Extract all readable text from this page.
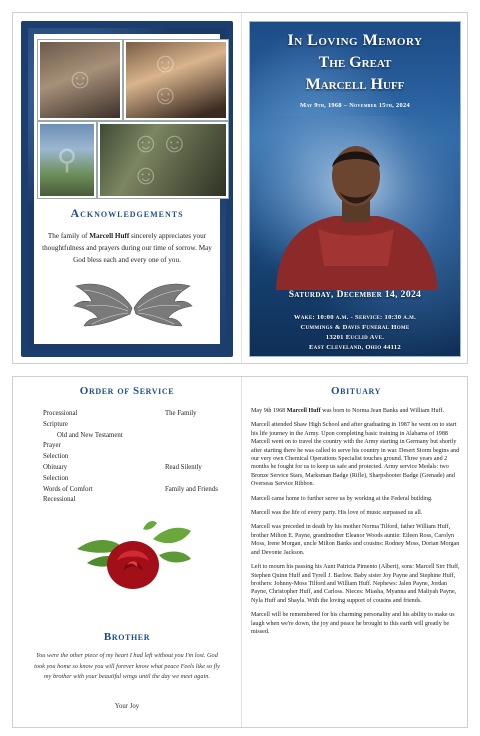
☺
☺☺
⚲
☺☺☺
Acknowledgements
The family of Marcell Huff sincerely appreciates your thoughtfulness and prayers during our time of sorrow. May God bless each and every one of you.
In Loving Memory
The Great
Marcell Huff
May 9th, 1968 – November 15th, 2024
Saturday, December 14, 2024
Wake: 10:00 a.m. - Service: 10:30 a.m.
Cummings & Davis Funeral Home
13201 Euclid Ave.
East Cleveland, Ohio 44112
Order of Service
Processional	The Family
Scripture
Old and New Testament
Prayer
Selection
Obituary	Read Silently
Selection
Words of Comfort	Family and Friends
Recessional
Brother
You were the other piece of my heart I had left without you I'm lost. God took you home so know you will forever know what peace Feels like so fly my brother with your beautiful wings until the day we meet again.
Your Joy
Obituary

May 9th 1968 Marcell Huff was born to Norma Jean Banks and William Huff.

Marcell attended Shaw High School and after graduating in 1987 he went on to start his life journey in the Army. Upon completing basic training in Alabama of 1988 Marcell went on to travel the country with the Army starting in Germany but shortly after starting there he was called to serve his country in war. Desert Storm begins and our very own Chemical Operations Specialist touches ground. Three years and 2 months he fought for us to keep us safe and protected. Army service Medals: two Bronze Service Stars, Marksman Badge (Rifle), Sharpshooter Badge (Grenade) and Overseas Service Ribbon.

Marcell came home to further serve us by working at the Federal building.

Marcell was the life of every party. His love of music surpassed us all.

Marcell was preceded in death by his mother Norma Tilford, father William Huff, brother Milton E. Payne, grandmother Eleanor Woods auntie: Eileen Ross, Carolyn Moss, Irene Morgan, uncle Milton Banks and cousins: Rodney Moss, Dorian Morgan and Devonte Jackson.

Left to mourn his passing his Aunt Patricia Pimento (Albert), sons: Marcell Sirr Huff, Stephen Quinn Huff and Tyrell J. Barlow. Baby sister Joy Payne and Stephine Huff, brothers: Johnny-Moss Tilford and William Huff. Nephews: Jalen Payne, Jordan Payne, Christopher Huff, and Carloss. Nieces: Miasha, Myanna and Maliyah Payne, Nyla Huff and Shayla. With the loving support of cousins and friends.

Marcell will be remembered for his charming personality and his ability to make us laugh when we're down, the joy and peace he brought to this earth will greatly be missed.
